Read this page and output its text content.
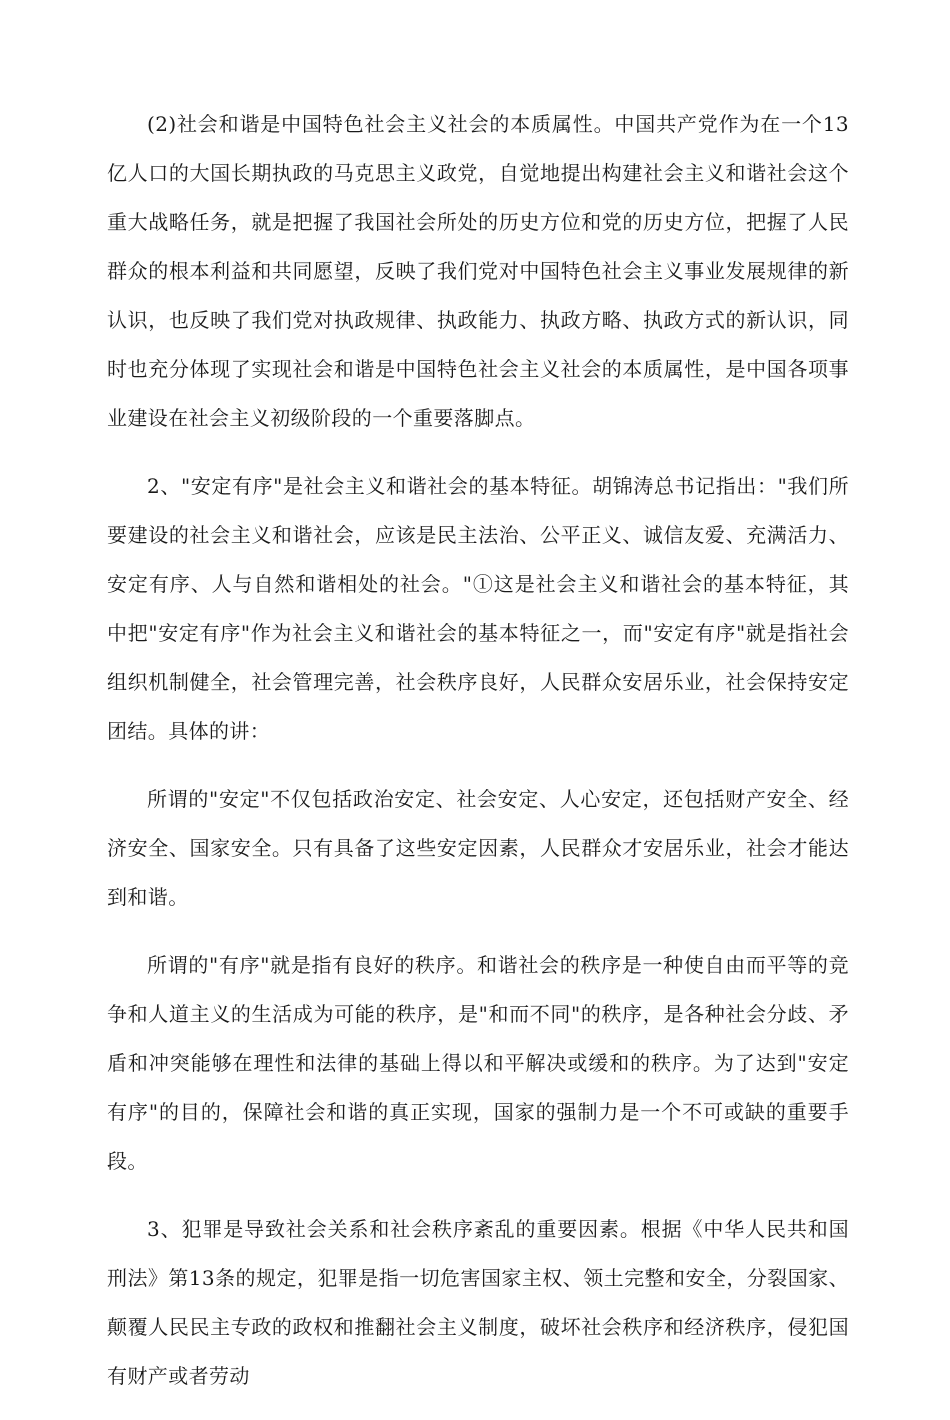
(2)社会和谐是中国特色社会主义社会的本质属性。中国共产党作为在一个13亿人口的大国长期执政的马克思主义政党，自觉地提出构建社会主义和谐社会这个重大战略任务，就是把握了我国社会所处的历史方位和党的历史方位，把握了人民群众的根本利益和共同愿望，反映了我们党对中国特色社会主义事业发展规律的新认识，也反映了我们党对执政规律、执政能力、执政方略、执政方式的新认识，同时也充分体现了实现社会和谐是中国特色社会主义社会的本质属性，是中国各项事业建设在社会主义初级阶段的一个重要落脚点。

2、"安定有序"是社会主义和谐社会的基本特征。胡锦涛总书记指出："我们所要建设的社会主义和谐社会，应该是民主法治、公平正义、诚信友爱、充满活力、安定有序、人与自然和谐相处的社会。"①这是社会主义和谐社会的基本特征，其中把"安定有序"作为社会主义和谐社会的基本特征之一，而"安定有序"就是指社会组织机制健全，社会管理完善，社会秩序良好，人民群众安居乐业，社会保持安定团结。具体的讲：

所谓的"安定"不仅包括政治安定、社会安定、人心安定，还包括财产安全、经济安全、国家安全。只有具备了这些安定因素，人民群众才安居乐业，社会才能达到和谐。

所谓的"有序"就是指有良好的秩序。和谐社会的秩序是一种使自由而平等的竞争和人道主义的生活成为可能的秩序，是"和而不同"的秩序，是各种社会分歧、矛盾和冲突能够在理性和法律的基础上得以和平解决或缓和的秩序。为了达到"安定有序"的目的，保障社会和谐的真正实现，国家的强制力是一个不可或缺的重要手段。

3、犯罪是导致社会关系和社会秩序紊乱的重要因素。根据《中华人民共和国刑法》第13条的规定，犯罪是指一切危害国家主权、领土完整和安全，分裂国家、颠覆人民民主专政的政权和推翻社会主义制度，破坏社会秩序和经济秩序，侵犯国有财产或者劳动
